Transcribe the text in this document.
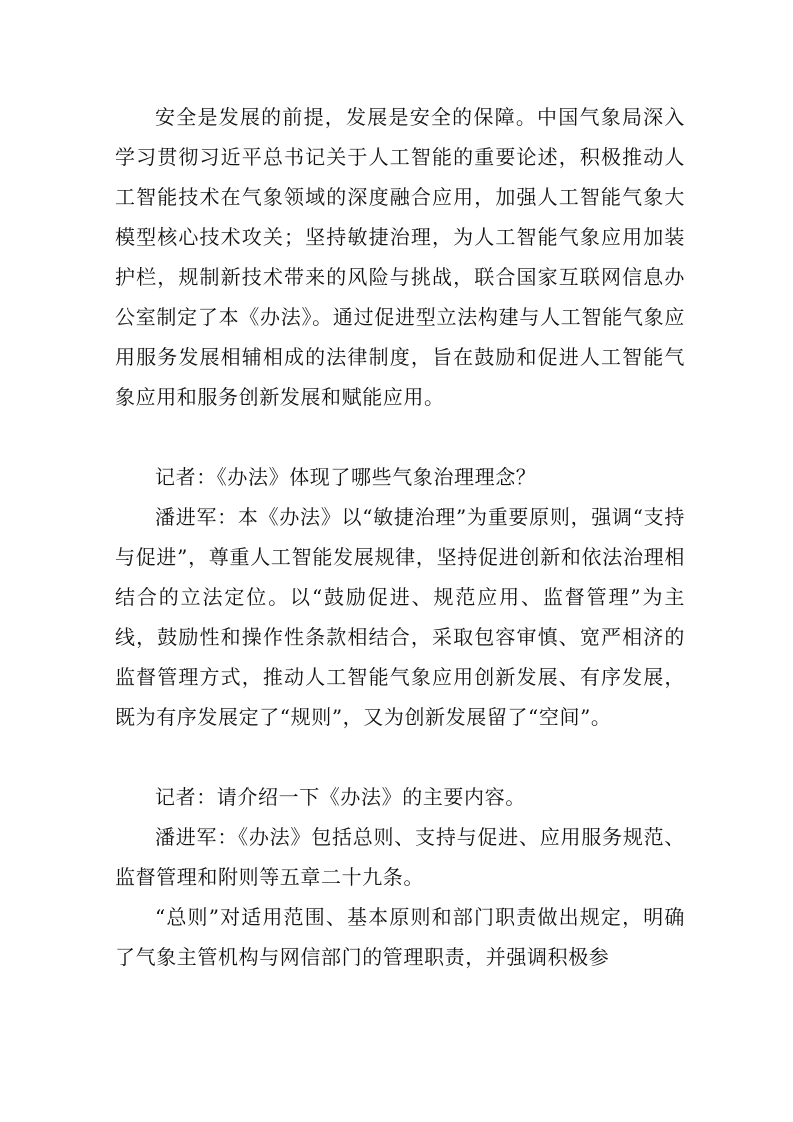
安全是发展的前提，发展是安全的保障。中国气象局深入学习贯彻习近平总书记关于人工智能的重要论述，积极推动人工智能技术在气象领域的深度融合应用，加强人工智能气象大模型核心技术攻关；坚持敏捷治理，为人工智能气象应用加装护栏，规制新技术带来的风险与挑战，联合国家互联网信息办公室制定了本《办法》。通过促进型立法构建与人工智能气象应用服务发展相辅相成的法律制度，旨在鼓励和促进人工智能气象应用和服务创新发展和赋能应用。

记者：《办法》体现了哪些气象治理理念？

潘进军：本《办法》以“敏捷治理”为重要原则，强调“支持与促进”，尊重人工智能发展规律，坚持促进创新和依法治理相结合的立法定位。以“鼓励促进、规范应用、监督管理”为主线，鼓励性和操作性条款相结合，采取包容审慎、宽严相济的监督管理方式，推动人工智能气象应用创新发展、有序发展，既为有序发展定了“规则”，又为创新发展留了“空间”。

记者：请介绍一下《办法》的主要内容。

潘进军：《办法》包括总则、支持与促进、应用服务规范、监督管理和附则等五章二十九条。

“总则”对适用范围、基本原则和部门职责做出规定，明确了气象主管机构与网信部门的管理职责，并强调积极参
